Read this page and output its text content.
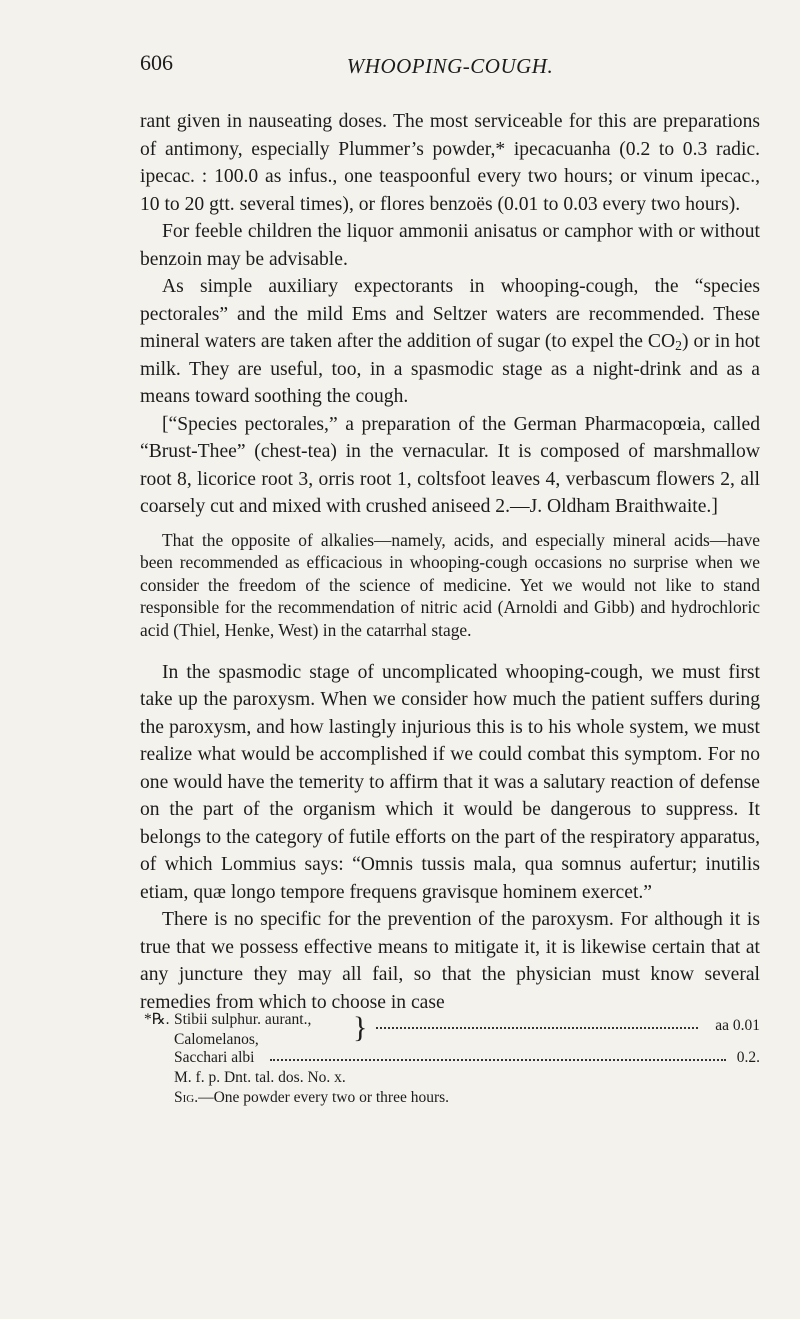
606	WHOOPING-COUGH.

rant given in nauseating doses. The most serviceable for this are preparations of antimony, especially Plummer’s powder,* ipecacuanha (0.2 to 0.3 radic. ipecac. : 100.0 as infus., one teaspoonful every two hours; or vinum ipecac., 10 to 20 gtt. several times), or flores benzoës (0.01 to 0.03 every two hours).

For feeble children the liquor ammonii anisatus or camphor with or without benzoin may be advisable.

As simple auxiliary expectorants in whooping-cough, the “species pectorales” and the mild Ems and Seltzer waters are recommended. These mineral waters are taken after the addition of sugar (to expel the $CO_2$) or in hot milk. They are useful, too, in a spasmodic stage as a night-drink and as a means toward soothing the cough.

[“Species pectorales,” a preparation of the German Pharmacopœia, called “Brust-Thee” (chest-tea) in the vernacular. It is composed of marshmallow root 8, licorice root 3, orris root 1, coltsfoot leaves 4, verbascum flowers 2, all coarsely cut and mixed with crushed aniseed 2.—J. Oldham Braithwaite.]

That the opposite of alkalies—namely, acids, and especially mineral acids—have been recommended as efficacious in whooping-cough occasions no surprise when we consider the freedom of the science of medicine. Yet we would not like to stand responsible for the recommendation of nitric acid (Arnoldi and Gibb) and hydrochloric acid (Thiel, Henke, West) in the catarrhal stage.

In the spasmodic stage of uncomplicated whooping-cough, we must first take up the paroxysm. When we consider how much the patient suffers during the paroxysm, and how lastingly injurious this is to his whole system, we must realize what would be accomplished if we could combat this symptom. For no one would have the temerity to affirm that it was a salutary reaction of defense on the part of the organism which it would be dangerous to suppress. It belongs to the category of futile efforts on the part of the respiratory apparatus, of which Lommius says: “Omnis tussis mala, qua somnus aufertur; inutilis etiam, quæ longo tempore frequens gravisque hominem exercet.”

There is no specific for the prevention of the paroxysm. For although it is true that we possess effective means to mitigate it, it is likewise certain that at any juncture they may all fail, so that the physician must know several remedies from which to choose in case

*℞. Stibii sulphur. aurant.,
Calomelanos,	}	aa 0.01
Sacchari albi	0.2.
M. f. p. Dnt. tal. dos. No. x.
Sig.—One powder every two or three hours.
